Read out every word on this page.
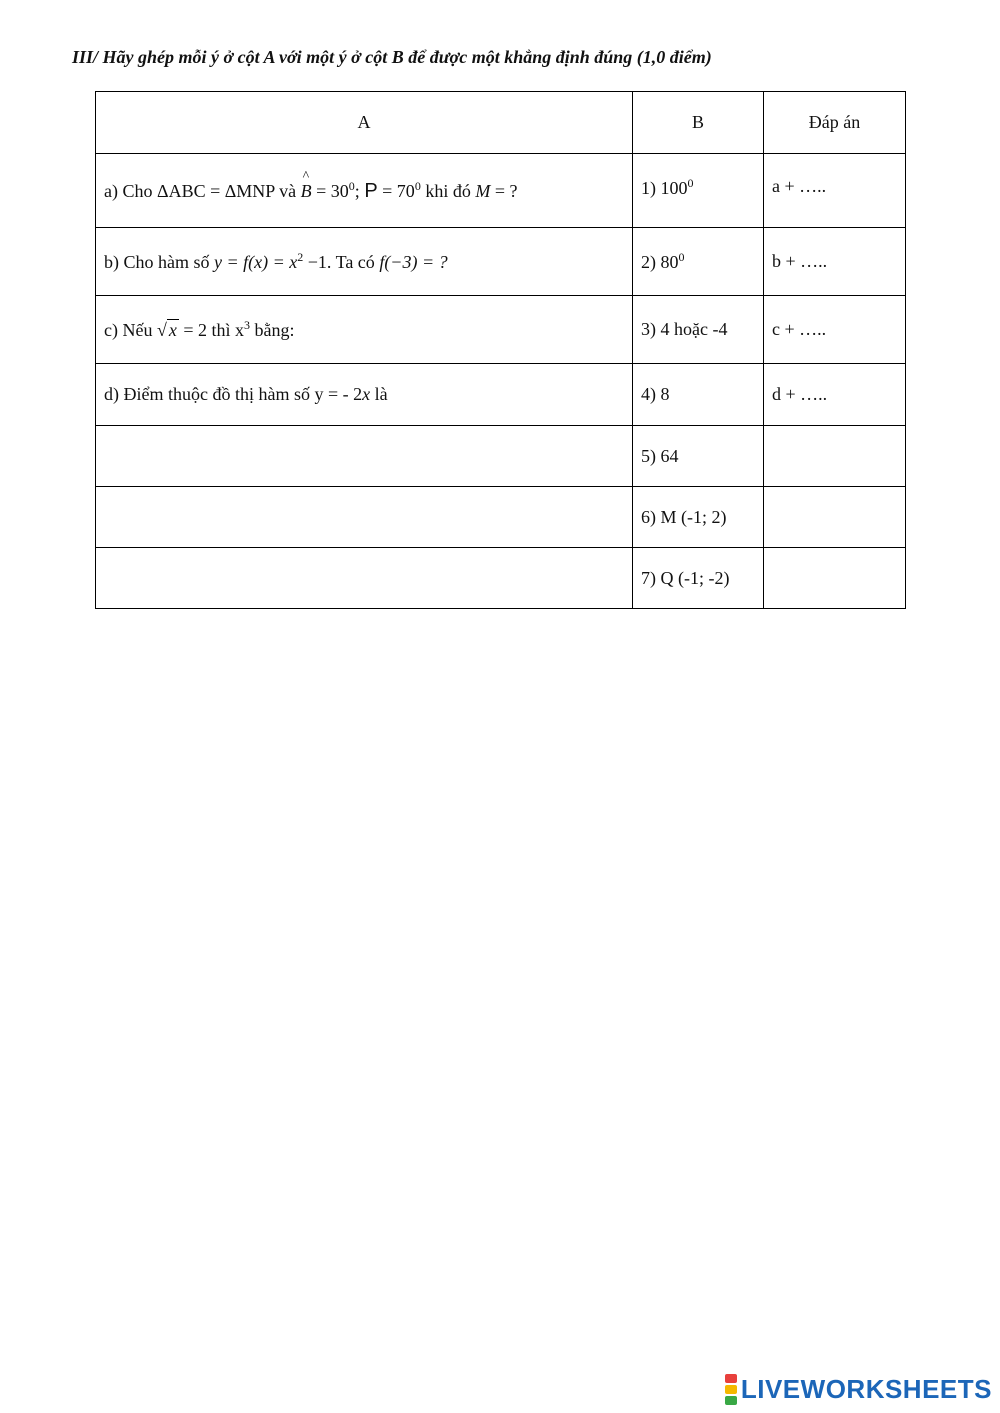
III/ Hãy ghép mỗi ý ở cột A với một ý ở cột B để được một khẳng định đúng (1,0 điểm)
A	B	Đáp án
a) Cho ΔABC = ΔMNP và ^ $B = 30^0$; $P = 70^0$ khi đó M = ?	1) $100^0$	a + …..
b) Cho hàm số $y = f(x) = x^2 -1$. Ta có f(−3) = ?	2) $80^0$	b + …..
c) Nếu √ x = 2 thì $x^3$ bằng:	3) 4 hoặc -4	c + …..
d) Điểm thuộc đồ thị hàm số y = - 2x là	4) 8	d + …..
	5) 64	
	6) M (-1; 2)	
	7) Q (-1; -2)	
LIVEWORKSHEETS
